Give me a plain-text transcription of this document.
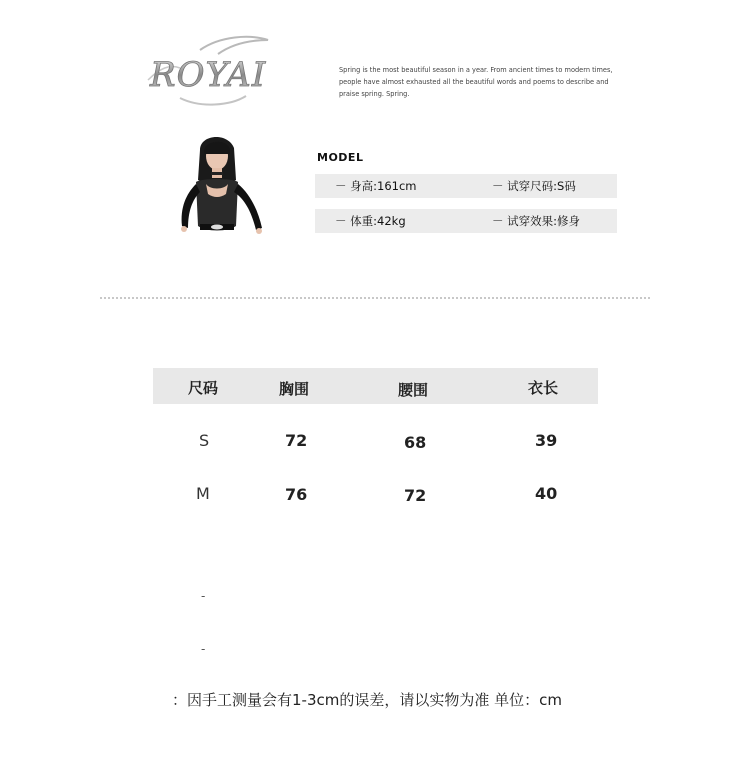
ROYAI	Spring is the most beautiful season in a year. From ancient times to modern times, people have almost exhausted all the beautiful words and poems to describe and praise spring. Spring.
MODEL
－ 身高:161cm	－ 试穿尺码:S码
－ 体重:42kg	－ 试穿效果:修身
尺码	胸围	腰围	衣长
S	72	68	39
M	76	72	40
-
-
：因手工测量会有1-3cm的误差，请以实物为准 单位：cm
